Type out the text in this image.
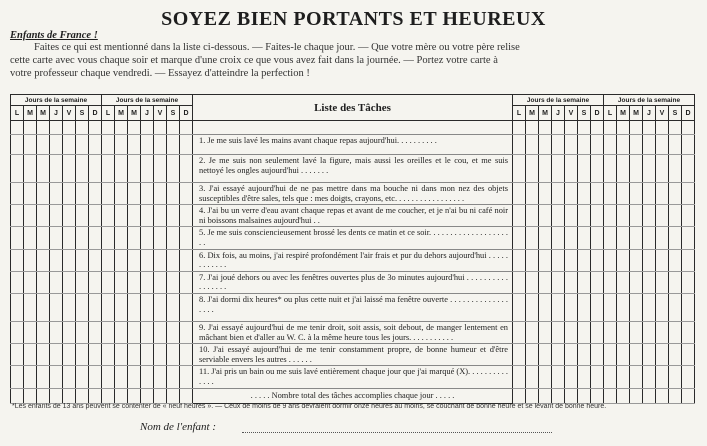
SOYEZ BIEN PORTANTS ET HEUREUX
Enfants de France !
Faites ce qui est mentionné dans la liste ci-dessous. — Faites-le chaque jour. — Que votre mère ou votre père relise
cette carte avec vous chaque soir et marque d'une croix ce que vous avez fait dans la journée. — Portez votre carte à
votre professeur chaque vendredi. — Essayez d'atteindre la perfection !
Jours de la semaine							Jours de la semaine							Liste des Tâches	Jours de la semaine							Jours de la semaine						
L	M	M	J	V	S	D	L	M	M	J	V	S	D		L	M	M	J	V	S	D	L	M	M	J	V	S	D

														1. Je me suis lavé les mains avant chaque repas aujourd'hui. . . . . . . . . .														
														2. Je me suis non seulement lavé la figure, mais aussi les oreilles et le cou, et me suis nettoyé les ongles aujourd'hui . . . . . . .														
														3. J'ai essayé aujourd'hui de ne pas mettre dans ma bouche ni dans mon nez des objets susceptibles d'être sales, tels que : mes doigts, crayons, etc. . . . . . . . . . . . . . . . .														
														4. J'ai bu un verre d'eau avant chaque repas et avant de me coucher, et je n'ai bu ni café noir ni boissons malsaines aujourd'hui . .														
														5. Je me suis consciencieusement brossé les dents ce matin et ce soir. . . . . . . . . . . . . . . . . . . . .														
														6. Dix fois, au moins, j'ai respiré profondément l'air frais et pur du dehors aujourd'hui . . . . . . . . . . . .														
														7. J'ai joué dehors ou avec les fenêtres ouvertes plus de 3o minutes aujourd'hui . . . . . . . . . . . . . . . . .														
														8. J'ai dormi dix heures* ou plus cette nuit et j'ai laissé ma fenêtre ouverte . . . . . . . . . . . . . . . . . .														
														9. J'ai essayé aujourd'hui de me tenir droit, soit assis, soit debout, de manger lentement en mâchant bien et d'aller au W. C. à la même heure tous les jours. . . . . . . . . . .														
														10. J'ai essayé aujourd'hui de me tenir constamment propre, de bonne humeur et d'être serviable envers les autres . . . . . .														
														11. J'ai pris un bain ou me suis lavé entièrement chaque jour que j'ai marqué (X). . . . . . . . . . . . . .														
														. . . . . Nombre total des tâches accomplies chaque jour . . . . .														
*Les enfants de 13 ans peuvent se contenter de « neuf heures ». — Ceux de moins de 9 ans devraient dormir onze heures au moins, se couchant de bonne heure et se levant de bonne heure.
Nom de l'enfant :
